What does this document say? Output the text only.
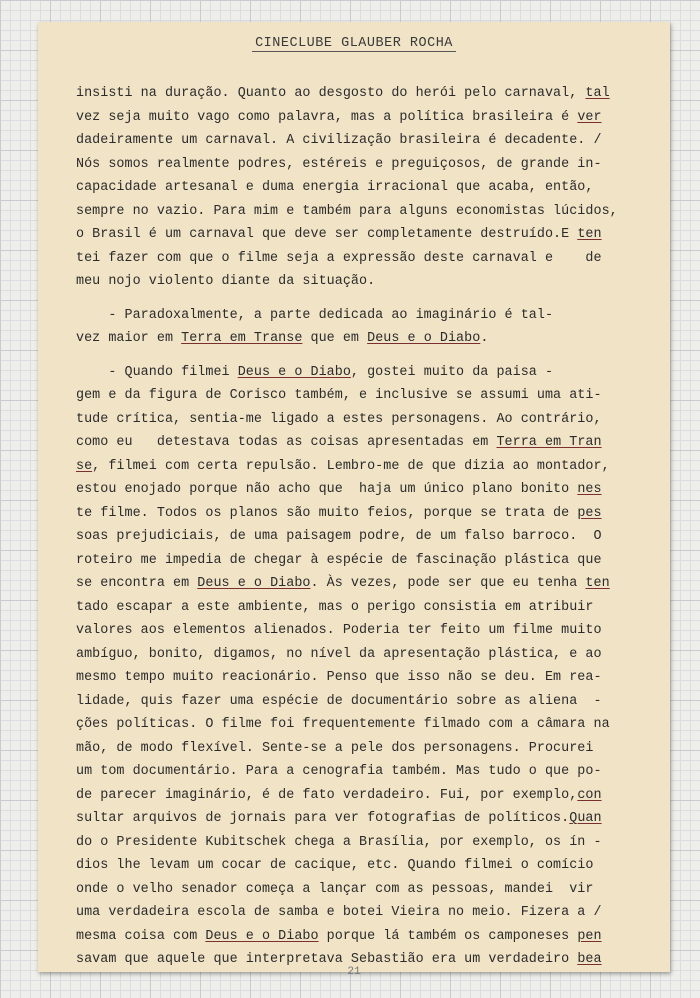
CINECLUBE GLAUBER ROCHA
insisti na duração. Quanto ao desgosto do herói pelo carnaval, tal
vez seja muito vago como palavra, mas a política brasileira é ver
dadeiramente um carnaval. A civilização brasileira é decadente. /
Nós somos realmente podres, estéreis e preguiçosos, de grande in-
capacidade artesanal e duma energia irracional que acaba, então,
sempre no vazio. Para mim e também para alguns economistas lúcidos,
o Brasil é um carnaval que deve ser completamente destruído.E ten
tei fazer com que o filme seja a expressão deste carnaval e    de
meu nojo violento diante da situação.
- Paradoxalmente, a parte dedicada ao imaginário é tal-
vez maior em Terra em Transe que em Deus e o Diabo.
- Quando filmei Deus e o Diabo, gostei muito da paisa -
gem e da figura de Corisco também, e inclusive se assumi uma ati-
tude crítica, sentia-me ligado a estes personagens. Ao contrário,
como eu   detestava todas as coisas apresentadas em Terra em Tran
se, filmei com certa repulsão. Lembro-me de que dizia ao montador,
estou enojado porque não acho que  haja um único plano bonito nes
te filme. Todos os planos são muito feios, porque se trata de pes
soas prejudiciais, de uma paisagem podre, de um falso barroco.  O
roteiro me impedia de chegar à espécie de fascinação plástica que
se encontra em Deus e o Diabo. Às vezes, pode ser que eu tenha ten
tado escapar a este ambiente, mas o perigo consistia em atribuir
valores aos elementos alienados. Poderia ter feito um filme muito
ambíguo, bonito, digamos, no nível da apresentação plástica, e ao
mesmo tempo muito reacionário. Penso que isso não se deu. Em rea-
lidade, quis fazer uma espécie de documentário sobre as aliena  -
ções políticas. O filme foi frequentemente filmado com a câmara na
mão, de modo flexível. Sente-se a pele dos personagens. Procurei
um tom documentário. Para a cenografia também. Mas tudo o que po-
de parecer imaginário, é de fato verdadeiro. Fui, por exemplo,con
sultar arquivos de jornais para ver fotografias de políticos.Quan
do o Presidente Kubitschek chega a Brasília, por exemplo, os ín -
dios lhe levam um cocar de cacique, etc. Quando filmei o comício
onde o velho senador começa a lançar com as pessoas, mandei  vir
uma verdadeira escola de samba e botei Vieira no meio. Fizera a /
mesma coisa com Deus e o Diabo porque lá também os camponeses pen
savam que aquele que interpretava Sebastião era um verdadeiro bea
21
